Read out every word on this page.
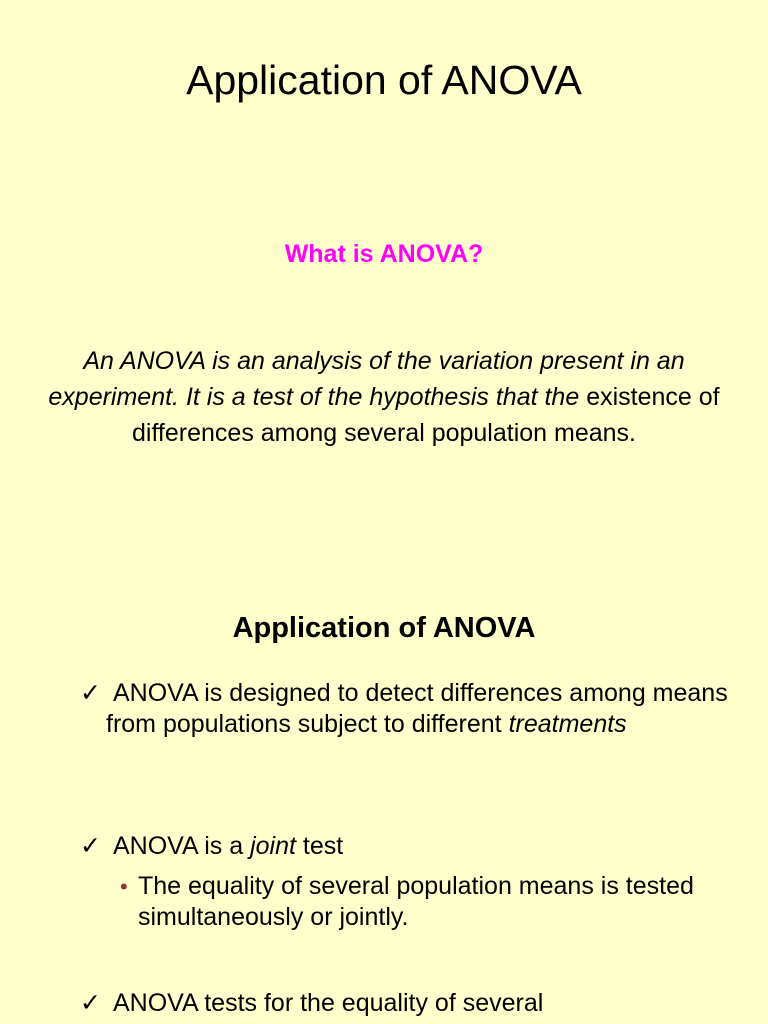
Application of ANOVA
What is ANOVA?
An ANOVA is an analysis of the variation present in an experiment. It is a test of the hypothesis that the existence of differences among several population means.
Application of ANOVA
✓ ANOVA is designed to detect differences among means from populations subject to different treatments
✓ ANOVA is a joint test
• The equality of several population means is tested simultaneously or jointly.
✓ ANOVA tests for the equality of several
